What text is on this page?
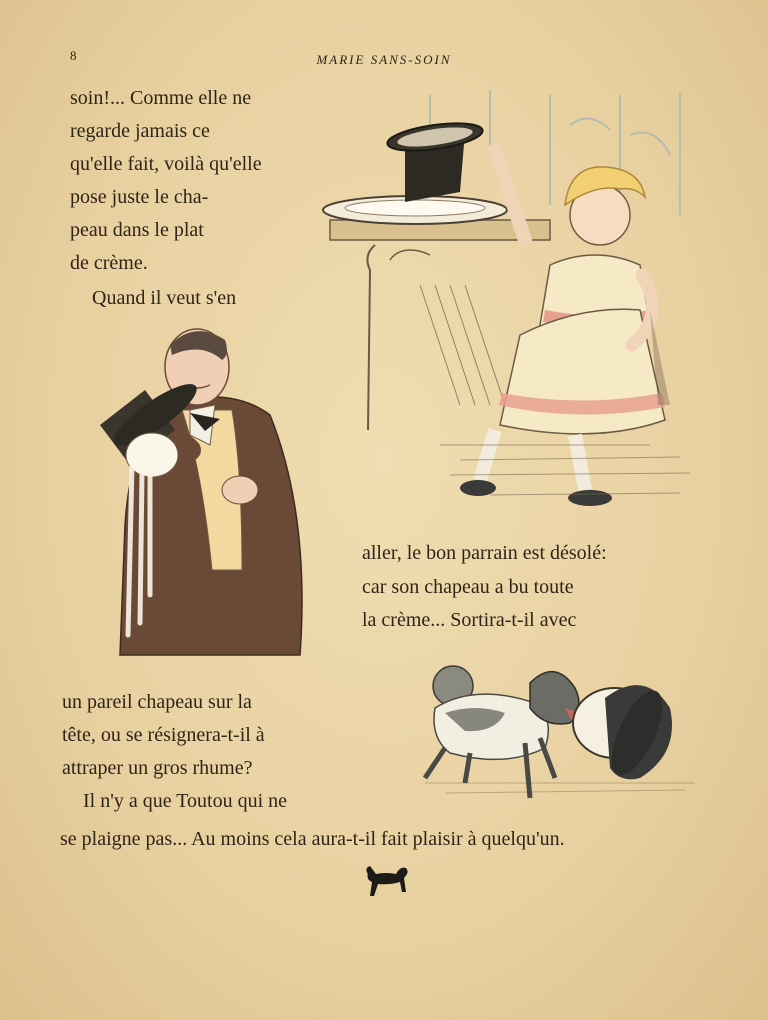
8	MARIE SANS-SOIN
soin!... Comme elle ne
regarde jamais ce
qu'elle fait, voilà qu'elle
pose juste le cha-
peau dans le plat
de crème.
Quand il veut s'en
aller, le bon parrain est désolé:
car son chapeau a bu toute
la crème... Sortira-t-il avec
un pareil chapeau sur la
tête, ou se résignera-t-il à
attraper un gros rhume?
Il n'y a que Toutou qui ne
se plaigne pas... Au moins cela aura-t-il fait plaisir à quelqu'un.
